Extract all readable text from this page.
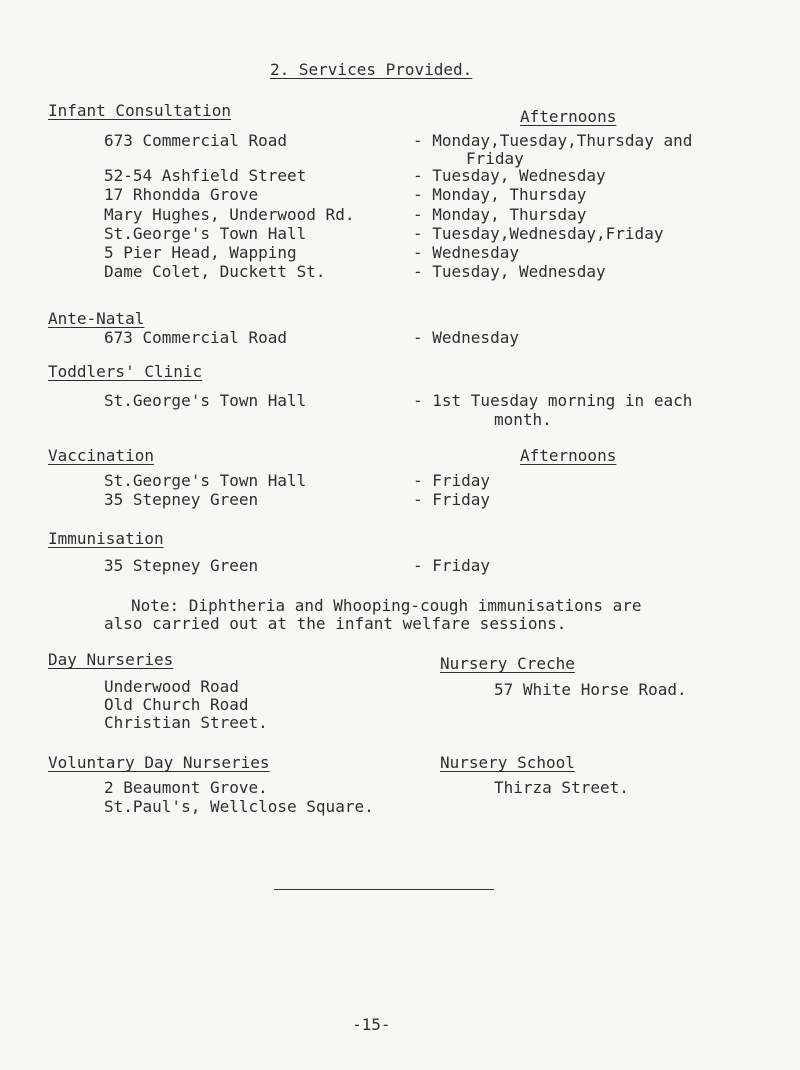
2. Services Provided.
Infant Consultation	Afternoons
673 Commercial Road	- Monday,Tuesday,Thursday and
Friday
52-54 Ashfield Street	- Tuesday, Wednesday
17 Rhondda Grove	- Monday, Thursday
Mary Hughes, Underwood Rd.	- Monday, Thursday
St.George's Town Hall	- Tuesday,Wednesday,Friday
5 Pier Head, Wapping	- Wednesday
Dame Colet, Duckett St.	- Tuesday, Wednesday
Ante-Natal
673 Commercial Road	- Wednesday
Toddlers' Clinic
St.George's Town Hall	- 1st Tuesday morning in each
month.
Vaccination	Afternoons
St.George's Town Hall	- Friday
35 Stepney Green	- Friday
Immunisation
35 Stepney Green	- Friday
Note: Diphtheria and Whooping-cough immunisations are
also carried out at the infant welfare sessions.
Day Nurseries
Underwood Road
Old Church Road
Christian Street.
Nursery Creche
57 White Horse Road.
Voluntary Day Nurseries
2 Beaumont Grove.
St.Paul's, Wellclose Square.
Nursery School
Thirza Street.
-15-
